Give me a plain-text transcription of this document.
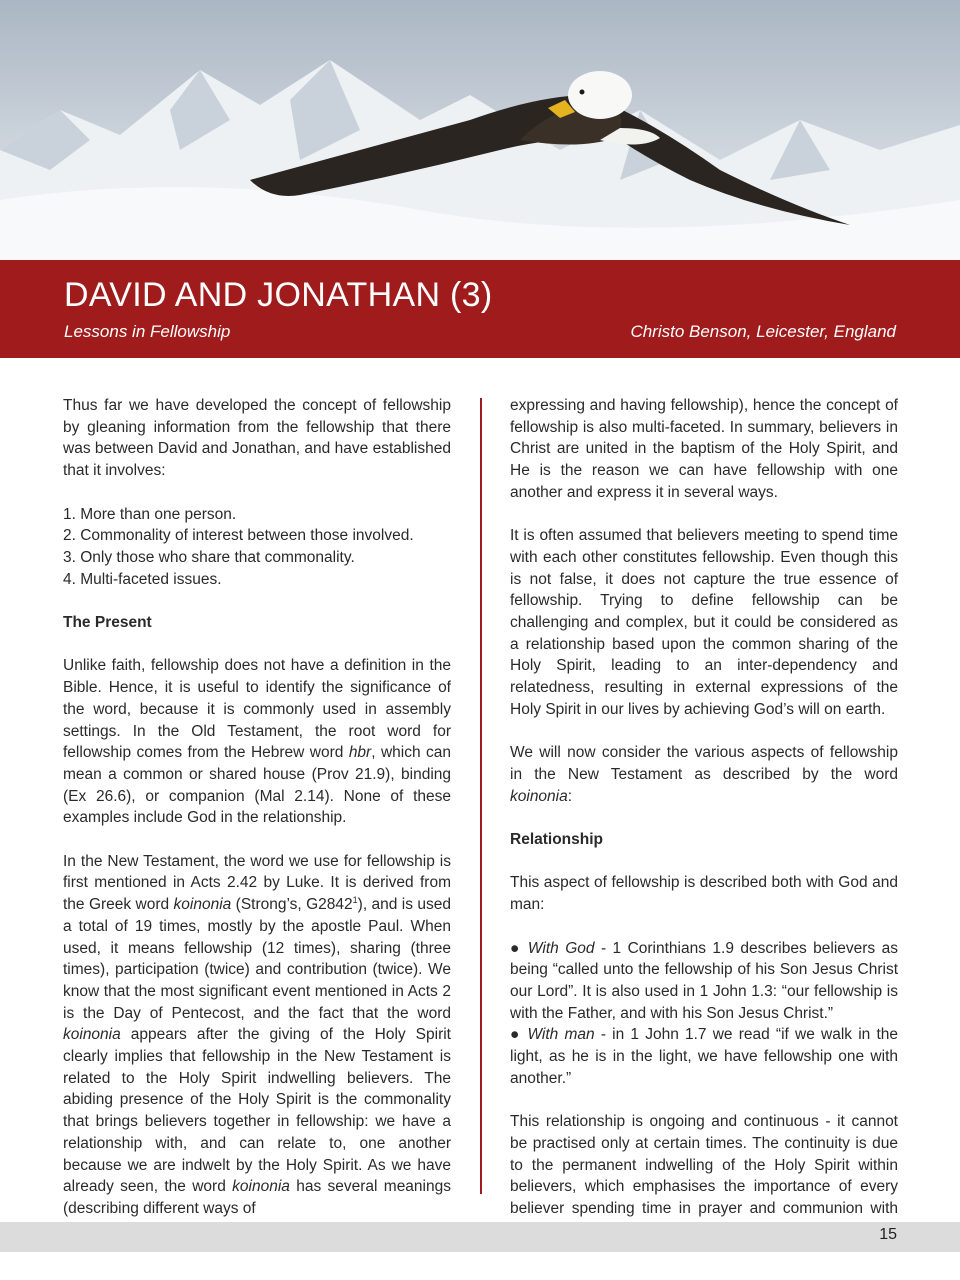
DAVID AND JONATHAN (3)
Lessons in Fellowship	Christo Benson, Leicester, England

Thus far we have developed the concept of fellowship by gleaning information from the fellowship that there was between David and Jonathan, and have established that it involves:

1. More than one person.
2. Commonality of interest between those involved.
3. Only those who share that commonality.
4. Multi-faceted issues.

The Present

Unlike faith, fellowship does not have a definition in the Bible. Hence, it is useful to identify the significance of the word, because it is commonly used in assembly settings. In the Old Testament, the root word for fellowship comes from the Hebrew word hbr, which can mean a common or shared house (Prov 21.9), binding (Ex 26.6), or companion (Mal 2.14). None of these examples include God in the relationship.

In the New Testament, the word we use for fellowship is first mentioned in Acts 2.42 by Luke. It is derived from the Greek word koinonia (Strong’s, G2842$^1$), and is used a total of 19 times, mostly by the apostle Paul. When used, it means fellowship (12 times), sharing (three times), participation (twice) and contribution (twice). We know that the most significant event mentioned in Acts 2 is the Day of Pentecost, and the fact that the word koinonia appears after the giving of the Holy Spirit clearly implies that fellowship in the New Testament is related to the Holy Spirit indwelling believers. The abiding presence of the Holy Spirit is the commonality that brings believers together in fellowship: we have a relationship with, and can relate to, one another because we are indwelt by the Holy Spirit. As we have already seen, the word koinonia has several meanings (describing different ways of

expressing and having fellowship), hence the concept of fellowship is also multi-faceted. In summary, believers in Christ are united in the baptism of the Holy Spirit, and He is the reason we can have fellowship with one another and express it in several ways.

It is often assumed that believers meeting to spend time with each other constitutes fellowship. Even though this is not false, it does not capture the true essence of fellowship. Trying to define fellowship can be challenging and complex, but it could be considered as a relationship based upon the common sharing of the Holy Spirit, leading to an inter-dependency and relatedness, resulting in external expressions of the Holy Spirit in our lives by achieving God’s will on earth.

We will now consider the various aspects of fellowship in the New Testament as described by the word koinonia:

Relationship

This aspect of fellowship is described both with God and man:

● With God - 1 Corinthians 1.9 describes believers as being “called unto the fellowship of his Son Jesus Christ our Lord”. It is also used in 1 John 1.3: “our fellowship is with the Father, and with his Son Jesus Christ.”
● With man - in 1 John 1.7 we read “if we walk in the light, as he is in the light, we have fellowship one with another.”

This relationship is ongoing and continuous - it cannot be practised only at certain times. The continuity is due to the permanent indwelling of the Holy Spirit within believers, which emphasises the importance of every believer spending time in prayer and communion with

15
